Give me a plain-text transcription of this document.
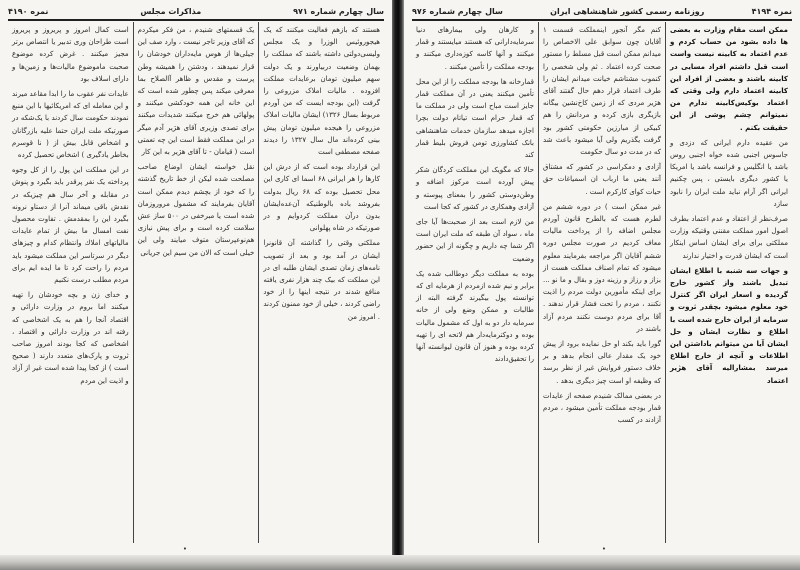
سال چهارم شماره ۹۷۱
مذاکرات مجلس
نمره ۴۱۹۰

هستند که بازهم فعالیت میکنند که یک هیجوروئیس الوزرا و یک مجلس ولیسی‌دولتی داشته باشند که مملکت را بهمان وضعیت دربیاورند و یک دولت سهم میلیون تومان برعایدات مملکت افزوده . مالیات املاک مزروعی را گرفت (این بودجه ایست که من آوردم مربوط بسال ۱۳۲۶) ایشان مالیات املاک مزروعی را هیجده میلیون تومان پیش بینی کرده‌اند مال سال ۱۳۲۷ را دیدند صفحه مصطفی است

این قرارداد بوده است که از درش این کارها را هر ایرانی ۶۸ اسما ای کاری این محل تحصیل بوده که ۶۸ ریال بدولت بفروشد باده بالوطنیکه آن‌عده‌ایشان بدون درآن مملکت کردوایم و در صورتیکه در شاه پهلوانی

مملکتی وقتی را گذاشته آن قانونرا ایشان در آمد بود و بعد از تصویب نامه‌های زمان تصدی ایشان طلبه ای در این مملکت که بیک چند هزار نفری یافته منافع شدند در نتیجه اینها را از خود راضی کردند ، خیلی از خود ممنون کردند . امروز من

یک قسمتهای شنیدم ، من فکر میکردم که آقای وزیر تاجر نیست ، وارد صف این جیلی‌ها از هوس مایه‌داران خودشان را قرار نمیدهند ، ودشتن را همیشه وطن پرست و مقدس و ظاهر آالصلاح بما معرفی میکند پس چطور شده است که این خانه این همه خودکشی میکنند و پولهائی هم خرج میکنند شدیدات میکنند برای تصدی وزیری آقای هژیر آدم میگر در این مملکت فقط است این چه تعمتی است ( قیامان - تا آقای هژیر به این کار

نقل خواسته ایشان اوضاع صاحب مصلحت شده لیکن از خط تاریخ گذشته را که خود از بچشم دیدم ممکن است آقایان بفرمایند که مشمول مروروزمان شده است یا مبرخفی در ۵۰۰ ساز عش سلامت کرده است و برای پیش نیازی هم‌نوعپرستان متوف میایند ولی این خیلی است که الان من سیم این جریانی

است کمال امروز و پریروز و پریروز است طراحان وری تدبیر یا انتصاص برتر مجیز میکنند . غرض کرده موضوع صحبت ماموضوع مالیات‌ها و زمین‌ها و دارای اسلاف بود

عایدات نفر عقوب ما را ابدا مقاعد میرند و این معامله ای که امریکائیها با این منبع نمودند حکومت سال کردند با یک‌شکه در صورتیکه ملت ایران حتما علیه بازرگانان و اشخاص قابل بیش از ( نا قوسرم بخاطر یادگیری ) اشخاص تحصیل کرده

در این مملکت این پول را از کل وجوه پرداخته یک نفر پرقدر باید بگیرد و پنوش در مقابله و آخر سال هم چیزیکه در نقدش باقی میماند آنرا از دستاو نرونه بگیرد این را بمقدمش . تفاوت محصول نفت امسال ما بیش از تمام عایدات مالیاتهای املاك وانتظام کدام و چیزهای دیگر در سرتاسر این مملکت میشود باید مردم را راحت کرد تا ما ایده ایم برای مردم مطلب درست نکنیم

و خدای زن و بچه خودشان را تهیه میکنند اما بروم در وزارت دارائی و اقتصاد آنجا را هم به یک اشخاصی که رفته اند در وزارت دارائی و اقتصاد ، اشخاصی که کجا بودند امروز صاحب ثروت و پارک‌های متعدد دارند ( صحیح است ) از کجا پیدا شده است غیر از آزاد و اذیت این مردم

•
نمره ۴۱۹۴
روزنامه رسمی کشور شاهنشاهی ایران
سال چهارم شماره ۹۷۶

ممکن است مقام وزارت به بعضی ها داده بشود من حساب کردم و عدم اعتماد به کابینه نیست واست است قبل داشتم افراد مسایی در کابینه باشند و بعضی از افراد این کابینه اعتماد دارم ولی وقتی که اعتماد بوکیس‌کابینه ندارم من نمیتوانم چشم پوشی از این حقیقت بکنم .

من عقیده دارم ایرانی که دزدی و جاسوس اجنبی شده خواه اجنبی روس باشد یا انگلیس و فرانسه باشد یا امریکا یا کشور دیگری بایستی ، پس چکنیم ایرانی اگر آرام نباید ملت ایران را نابود سازد

صرف‌نظر از اعتقاد و عدم اعتماد بطرف اصول امور مملکت مقننی وقتیکه وزارت مملکتی برای برای ایشان اساس اینکار است که ایشان قدرت و اختیار ندارند

و جهات سه شنبه با اطلاع ایشان تبدیل باشند واز کشور خارج گردیده و اسعار ایران اگر کنترل خود معلوم میشود بچقدر ثروت و سرمایه از ایران خارج شده است با اطلاع و نظارت ایشان و حل ایشان آیا من میتوانم باداشتن این اطلاعات و آنچه از خارج اطلاع میرسد بمشارالیه آقای هژیر اعتماد

کنم مگر آنجور اینمملکت قسمت ۱ آقایان چون سوابق علی الاخصاص را میدانم ممکن است قبل مسلط را مستور صحت کرده اعتماد . ثم ولی شخصی را کنموب مشتاشم خیانت میدانم ایشان را طرف اعتماد قرار دهم حال گفتند آقای هژیر مردی که از زمین کاخ‌نشین بیگانه بازیگری بازی کرده و مردانش را هم کبیکی از مبارزین حکومتی کشور بود گرفت یگذریم ولی آیا میشود باعث شد که در مدت دو سال حکومت

آزادی و دمکراسی در کشور که مشتاق آنند یعنی ما ارباب ان اسمیاغات حق حیات کوای کارکرم است .

غیر ممکن است ) در دوره ششم من لطرم هست که بالطرح قانون آوردم مجلس اضافه را از پرداخت ماليات معاف کردیم در صورت مجلس دوره ششم آقایان اگر مراجعه بفرمایند معلوم میشود که تمام اصناف مملکت هست از بزاز و رزاز و رزینه دوز و بقال و ما نو ... برای اینکه مأمورین دولت مردم را اذیت نکنند ، مردم را تحت فشار قرار ندهند . آقا برای مردم دوست نکنند مردم آزاد باشند در

گورا باید بکند او حل نمایده برود از پیش خود یک مقدار عالی انجام بدهد و بر خلاف دستور فروایش غیر از نظر برسد که وظیفه او است چیز دیگری بدهد .

در بعضی ممالک شنیدم صفحه از عایدات قمار بودجه مملکت تأمین میشود ، مردم آزادند در کسب

و کارهان ولی بیمارهای دنیا سرمایه‌دارانی که هستند میایستند و قمار میکنند و آنها کاسه کوزه‌داری میکنند و بودجه مملکت را تأمین میکنند .

قمارخانه ها بودجه مملکت را از این محل تأمین میکنند یعنی در آن مملکت قمار جایز است مباح است ولی در مملکت ما که قمار حرام است تیاتام دولت بچرا اجازه میدهد سازمان خدمات شاهنشاهی بانک کشاورزی تومن فروش بلیط قمار کند

حالا که مگو‌یک این مملکت کردگان شکر پیش آورده است مرکوز اضافه و وطن‌دوستی کشور را بمعنای پیوسته و آزادی وهمکاری در کشور که کجا است

من لازم است بعد از صحبت‌ها آیا جای ماه ، سواد آن طبقه که ملت ایران است اگر شما چه داریم و چگونه از این حضور وضعیت

بوده به مملکت دیگر دوطالب شده یک برابر و نیم شده ازمردم از هرمایه ای که توانسته پول بیگیرند گرفته البته از طالبات و ممکن وضع ولی از خانه سرمایه دار دو به اول که مشمول مالیات بوده و دوکترمایه‌دار هم لاتحه ای را تهیه کرده بوده و هنوز آن قانون لیوانسته آنها را تحقیق‌دادند

•
